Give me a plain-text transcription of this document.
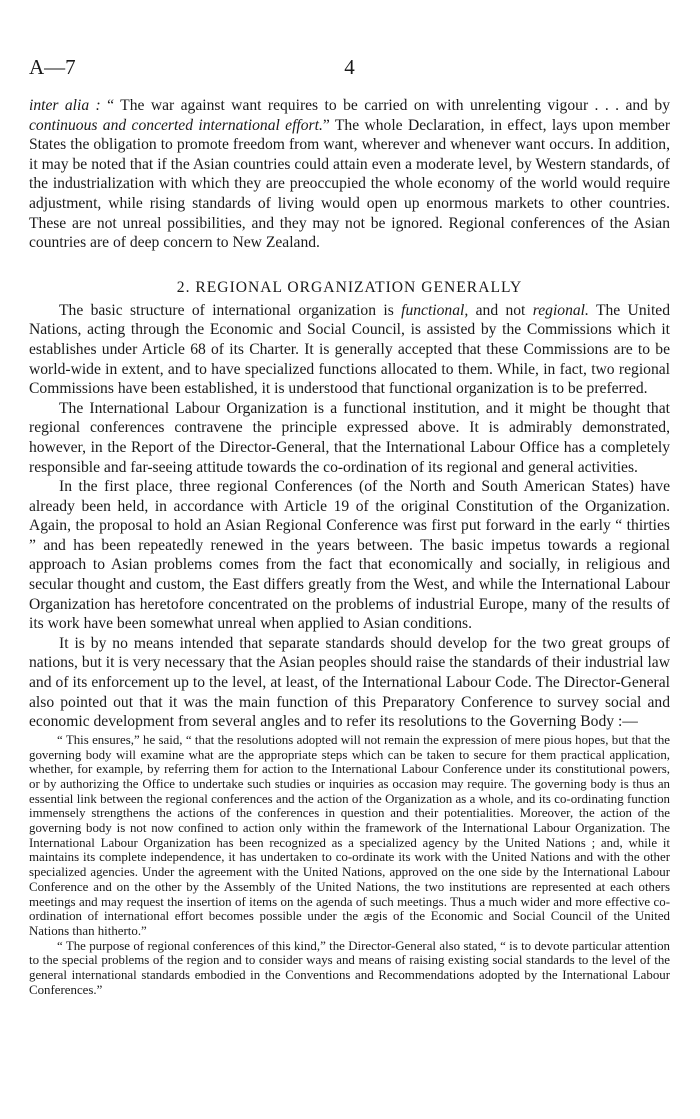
A—7	4

inter alia : “ The war against want requires to be carried on with unrelenting vigour . . . and by continuous and concerted international effort.” The whole Declaration, in effect, lays upon member States the obligation to promote freedom from want, wherever and whenever want occurs. In addition, it may be noted that if the Asian countries could attain even a moderate level, by Western standards, of the industrialization with which they are preoccupied the whole economy of the world would require adjustment, while rising standards of living would open up enormous markets to other countries. These are not unreal possibilities, and they may not be ignored. Regional conferences of the Asian countries are of deep concern to New Zealand.

2. REGIONAL ORGANIZATION GENERALLY

The basic structure of international organization is functional, and not regional. The United Nations, acting through the Economic and Social Council, is assisted by the Commissions which it establishes under Article 68 of its Charter. It is generally accepted that these Commissions are to be world-wide in extent, and to have specialized functions allocated to them. While, in fact, two regional Commissions have been established, it is understood that functional organization is to be preferred.

The International Labour Organization is a functional institution, and it might be thought that regional conferences contravene the principle expressed above. It is admirably demonstrated, however, in the Report of the Director-General, that the International Labour Office has a completely responsible and far-seeing attitude towards the co-ordination of its regional and general activities.

In the first place, three regional Conferences (of the North and South American States) have already been held, in accordance with Article 19 of the original Constitution of the Organization. Again, the proposal to hold an Asian Regional Conference was first put forward in the early “ thirties ” and has been repeatedly renewed in the years between. The basic impetus towards a regional approach to Asian problems comes from the fact that economically and socially, in religious and secular thought and custom, the East differs greatly from the West, and while the International Labour Organization has heretofore concentrated on the problems of industrial Europe, many of the results of its work have been somewhat unreal when applied to Asian conditions.

It is by no means intended that separate standards should develop for the two great groups of nations, but it is very necessary that the Asian peoples should raise the standards of their industrial law and of its enforcement up to the level, at least, of the International Labour Code. The Director-General also pointed out that it was the main function of this Preparatory Conference to survey social and economic development from several angles and to refer its resolutions to the Governing Body :—

“ This ensures,” he said, “ that the resolutions adopted will not remain the expression of mere pious hopes, but that the governing body will examine what are the appropriate steps which can be taken to secure for them practical application, whether, for example, by referring them for action to the International Labour Conference under its constitutional powers, or by authorizing the Office to undertake such studies or inquiries as occasion may require. The governing body is thus an essential link between the regional conferences and the action of the Organization as a whole, and its co-ordinating function immensely strengthens the actions of the conferences in question and their potentialities. Moreover, the action of the governing body is not now confined to action only within the framework of the International Labour Organization. The International Labour Organization has been recognized as a specialized agency by the United Nations ; and, while it maintains its complete independence, it has undertaken to co-ordinate its work with the United Nations and with the other specialized agencies. Under the agreement with the United Nations, approved on the one side by the International Labour Conference and on the other by the Assembly of the United Nations, the two institutions are represented at each others meetings and may request the insertion of items on the agenda of such meetings. Thus a much wider and more effective co-ordination of international effort becomes possible under the ægis of the Economic and Social Council of the United Nations than hitherto.”

“ The purpose of regional conferences of this kind,” the Director-General also stated, “ is to devote particular attention to the special problems of the region and to consider ways and means of raising existing social standards to the level of the general international standards embodied in the Conventions and Recommendations adopted by the International Labour Conferences.”
